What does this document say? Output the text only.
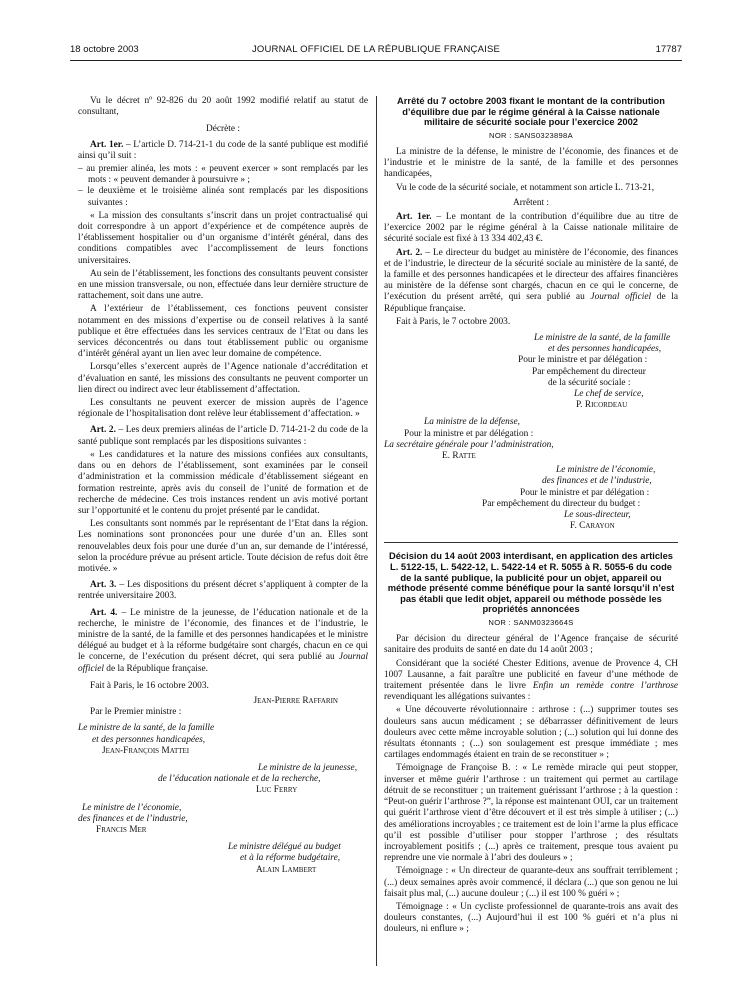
18 octobre 2003	JOURNAL OFFICIEL DE LA RÉPUBLIQUE FRANÇAISE	17787

Vu le décret nº 92-826 du 20 août 1992 modifié relatif au statut de consultant,

Décrète :

Art. 1er. – L’article D. 714-21-1 du code de la santé publique est modifié ainsi qu’il suit :

– au premier alinéa, les mots : « peuvent exercer » sont remplacés par les mots : « peuvent demander à poursuivre » ;
– le deuxième et le troisième alinéa sont remplacés par les dispositions suivantes :

« La mission des consultants s’inscrit dans un projet contractualisé qui doit correspondre à un apport d’expérience et de compétence auprès de l’établissement hospitalier ou d’un organisme d’intérêt général, dans des conditions compatibles avec l’accomplissement de leurs fonctions universitaires.

Au sein de l’établissement, les fonctions des consultants peuvent consister en une mission transversale, ou non, effectuée dans leur dernière structure de rattachement, soit dans une autre.

A l’extérieur de l’établissement, ces fonctions peuvent consister notamment en des missions d’expertise ou de conseil relatives à la santé publique et être effectuées dans les services centraux de l’Etat ou dans les services déconcentrés ou dans tout établissement public ou organisme d’intérêt général ayant un lien avec leur domaine de compétence.

Lorsqu’elles s’exercent auprès de l’Agence nationale d’accréditation et d’évaluation en santé, les missions des consultants ne peuvent comporter un lien direct ou indirect avec leur établissement d’affectation.

Les consultants ne peuvent exercer de mission auprès de l’agence régionale de l’hospitalisation dont relève leur établissement d’affectation. »

Art. 2. – Les deux premiers alinéas de l’article D. 714-21-2 du code de la santé publique sont remplacés par les dispositions suivantes :

« Les candidatures et la nature des missions confiées aux consultants, dans ou en dehors de l’établissement, sont examinées par le conseil d’administration et la commission médicale d’établissement siégeant en formation restreinte, après avis du conseil de l’unité de formation et de recherche de médecine. Ces trois instances rendent un avis motivé portant sur l’opportunité et le contenu du projet présenté par le candidat.

Les consultants sont nommés par le représentant de l’Etat dans la région. Les nominations sont prononcées pour une durée d’un an. Elles sont renouvelables deux fois pour une durée d’un an, sur demande de l’intéressé, selon la procédure prévue au présent article. Toute décision de refus doit être motivée. »

Art. 3. – Les dispositions du présent décret s’appliquent à compter de la rentrée universitaire 2003.

Art. 4. – Le ministre de la jeunesse, de l’éducation nationale et de la recherche, le ministre de l’économie, des finances et de l’industrie, le ministre de la santé, de la famille et des personnes handicapées et le ministre délégué au budget et à la réforme budgétaire sont chargés, chacun en ce qui le concerne, de l’exécution du présent décret, qui sera publié au Journal officiel de la République française.

Fait à Paris, le 16 octobre 2003.

Jean-Pierre Raffarin

Par le Premier ministre :

Le ministre de la santé, de la famille

et des personnes handicapées,

Jean-François Mattei

Le ministre de la jeunesse,

de l’éducation nationale et de la recherche,

Luc Ferry

Le ministre de l’économie,

des finances et de l’industrie,

Francis Mer

Le ministre délégué au budget

et à la réforme budgétaire,

Alain Lambert

Arrêté du 7 octobre 2003 fixant le montant de la contribution d’équilibre due par le régime général à la Caisse nationale militaire de sécurité sociale pour l’exercice 2002

NOR : SANS0323898A

La ministre de la défense, le ministre de l’économie, des finances et de l’industrie et le ministre de la santé, de la famille et des personnes handicapées,

Vu le code de la sécurité sociale, et notamment son article L. 713-21,

Arrêtent :

Art. 1er. – Le montant de la contribution d’équilibre due au titre de l’exercice 2002 par le régime général à la Caisse nationale militaire de sécurité sociale est fixé à 13 334 402,43 €.

Art. 2. – Le directeur du budget au ministère de l’économie, des finances et de l’industrie, le directeur de la sécurité sociale au ministère de la santé, de la famille et des personnes handicapées et le directeur des affaires financières au ministère de la défense sont chargés, chacun en ce qui le concerne, de l’exécution du présent arrêté, qui sera publié au Journal officiel de la République française.

Fait à Paris, le 7 octobre 2003.

Le ministre de la santé, de la famille

et des personnes handicapées,

Pour le ministre et par délégation :

Par empêchement du directeur

de la sécurité sociale :

Le chef de service,

P. Ricordeau

La ministre de la défense,

Pour la ministre et par délégation :

La secrétaire générale pour l’administration,

E. Ratte

Le ministre de l’économie,

des finances et de l’industrie,

Pour le ministre et par délégation :

Par empêchement du directeur du budget :

Le sous-directeur,

F. Carayon

Décision du 14 août 2003 interdisant, en application des articles L. 5122-15, L. 5422-12, L. 5422-14 et R. 5055 à R. 5055-6 du code de la santé publique, la publicité pour un objet, appareil ou méthode présenté comme bénéfique pour la santé lorsqu’il n’est pas établi que ledit objet, appareil ou méthode possède les propriétés annoncées

NOR : SANM0323664S

Par décision du directeur général de l’Agence française de sécurité sanitaire des produits de santé en date du 14 août 2003 ;

Considérant que la société Chester Editions, avenue de Provence 4, CH 1007 Lausanne, a fait paraître une publicité en faveur d’une méthode de traitement présentée dans le livre Enfin un remède contre l’arthrose revendiquant les allégations suivantes :

« Une découverte révolutionnaire : arthrose : (...) supprimer toutes ses douleurs sans aucun médicament ; se débarrasser définitivement de leurs douleurs avec cette même incroyable solution ; (...) solution qui lui donne des résultats étonnants ; (...) son soulagement est presque immédiate ; mes cartilages endommagés étaient en train de se reconstituer » ;

Témoignage de Françoise B. : « Le remède miracle qui peut stopper, inverser et même guérir l’arthrose : un traitement qui permet au cartilage détruit de se reconstituer ; un traitement guérissant l’arthrose ; à la question : “Peut-on guérir l’arthrose ?”, la réponse est maintenant OUI, car un traitement qui guérit l’arthrose vient d’être découvert et il est très simple à utiliser ; (...) des améliorations incroyables ; ce traitement est de loin l’arme la plus efficace qu’il est possible d’utiliser pour stopper l’arthrose ; des résultats incroyablement positifs ; (...) après ce traitement, presque tous avaient pu reprendre une vie normale à l’abri des douleurs » ;

Témoignage : « Un directeur de quarante-deux ans souffrait terriblement ; (...) deux semaines après avoir commencé, il déclara (...) que son genou ne lui faisait plus mal, (...) aucune douleur ; (...) il est 100 % guéri » ;

Témoignage : « Un cycliste professionnel de quarante-trois ans avait des douleurs constantes, (...) Aujourd’hui il est 100 % guéri et n’a plus ni douleurs, ni enflure » ;
